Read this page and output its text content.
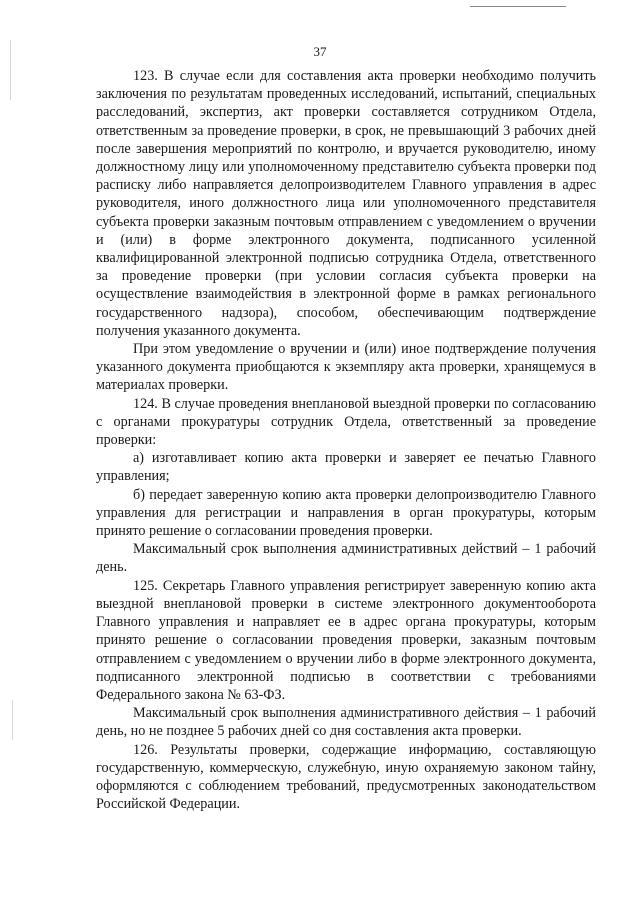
37

123. В случае если для составления акта проверки необходимо получить заключения по результатам проведенных исследований, испытаний, специальных расследований, экспертиз, акт проверки составляется сотрудником Отдела, ответственным за проведение проверки, в срок, не превышающий 3 рабочих дней после завершения мероприятий по контролю, и вручается руководителю, иному должностному лицу или уполномоченному представителю субъекта проверки под расписку либо направляется делопроизводителем Главного управления в адрес руководителя, иного должностного лица или уполномоченного представителя субъекта проверки заказным почтовым отправлением с уведомлением о вручении и (или) в форме электронного документа, подписанного усиленной квалифицированной электронной подписью сотрудника Отдела, ответственного за проведение проверки (при условии согласия субъекта проверки на осуществление взаимодействия в электронной форме в рамках регионального государственного надзора), способом, обеспечивающим подтверждение получения указанного документа.

При этом уведомление о вручении и (или) иное подтверждение получения указанного документа приобщаются к экземпляру акта проверки, хранящемуся в материалах проверки.

124. В случае проведения внеплановой выездной проверки по согласованию с органами прокуратуры сотрудник Отдела, ответственный за проведение проверки:

а) изготавливает копию акта проверки и заверяет ее печатью Главного управления;

б) передает заверенную копию акта проверки делопроизводителю Главного управления для регистрации и направления в орган прокуратуры, которым принято решение о согласовании проведения проверки.

Максимальный срок выполнения административных действий – 1 рабочий день.

125. Секретарь Главного управления регистрирует заверенную копию акта выездной внеплановой проверки в системе электронного документооборота Главного управления и направляет ее в адрес органа прокуратуры, которым принято решение о согласовании проведения проверки, заказным почтовым отправлением с уведомлением о вручении либо в форме электронного документа, подписанного электронной подписью в соответствии с требованиями Федерального закона № 63-ФЗ.

Максимальный срок выполнения административного действия – 1 рабочий день, но не позднее 5 рабочих дней со дня составления акта проверки.

126. Результаты проверки, содержащие информацию, составляющую государственную, коммерческую, служебную, иную охраняемую законом тайну, оформляются с соблюдением требований, предусмотренных законодательством Российской Федерации.
